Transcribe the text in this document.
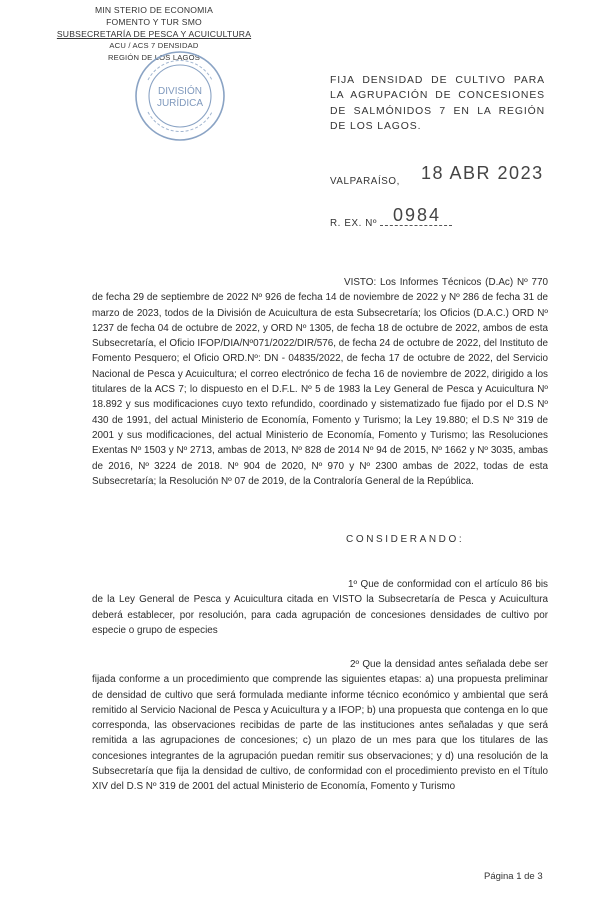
MIN STERIO DE ECONOMIA
FOMENTO Y TUR SMO
SUBSECRETARÍA DE PESCA Y ACUICULTURA
ACU / ACS 7 DENSIDAD
REGIÓN DE LOS LAGOS
DIVISIÓN
JURÍDICA
FIJA DENSIDAD DE CULTIVO PARA LA AGRUPACIÓN DE CONCESIONES DE SALMÓNIDOS 7 EN LA REGIÓN DE LOS LAGOS.
VALPARAÍSO, 18 ABR 2023
R. EX. Nº 0984
VISTO: Los Informes Técnicos (D.Ac) Nº 770 de fecha 29 de septiembre de 2022 Nº 926 de fecha 14 de noviembre de 2022 y Nº 286 de fecha 31 de marzo de 2023, todos de la División de Acuicultura de esta Subsecretaría; los Oficios (D.A.C.) ORD Nº 1237 de fecha 04 de octubre de 2022, y ORD Nº 1305, de fecha 18 de octubre de 2022, ambos de esta Subsecretaría, el Oficio IFOP/DIA/Nº071/2022/DIR/576, de fecha 24 de octubre de 2022, del Instituto de Fomento Pesquero; el Oficio ORD.Nº: DN - 04835/2022, de fecha 17 de octubre de 2022, del Servicio Nacional de Pesca y Acuicultura; el correo electrónico de fecha 16 de noviembre de 2022, dirigido a los titulares de la ACS 7; lo dispuesto en el D.F.L. Nº 5 de 1983 la Ley General de Pesca y Acuicultura Nº 18.892 y sus modificaciones cuyo texto refundido, coordinado y sistematizado fue fijado por el D.S Nº 430 de 1991, del actual Ministerio de Economía, Fomento y Turismo; la Ley 19.880; el D.S Nº 319 de 2001 y sus modificaciones, del actual Ministerio de Economía, Fomento y Turismo; las Resoluciones Exentas Nº 1503 y Nº 2713, ambas de 2013, Nº 828 de 2014 Nº 94 de 2015, Nº 1662 y Nº 3035, ambas de 2016, Nº 3224 de 2018. Nº 904 de 2020, Nº 970 y Nº 2300 ambas de 2022, todas de esta Subsecretaría; la Resolución Nº 07 de 2019, de la Contraloría General de la República.
CONSIDERANDO:
1º Que de conformidad con el artículo 86 bis de la Ley General de Pesca y Acuicultura citada en VISTO la Subsecretaría de Pesca y Acuicultura deberá establecer, por resolución, para cada agrupación de concesiones densidades de cultivo por especie o grupo de especies
2º Que la densidad antes señalada debe ser fijada conforme a un procedimiento que comprende las siguientes etapas: a) una propuesta preliminar de densidad de cultivo que será formulada mediante informe técnico económico y ambiental que será remitido al Servicio Nacional de Pesca y Acuicultura y a IFOP; b) una propuesta que contenga en lo que corresponda, las observaciones recibidas de parte de las instituciones antes señaladas y que será remitida a las agrupaciones de concesiones; c) un plazo de un mes para que los titulares de las concesiones integrantes de la agrupación puedan remitir sus observaciones; y d) una resolución de la Subsecretaría que fija la densidad de cultivo, de conformidad con el procedimiento previsto en el Título XIV del D.S Nº 319 de 2001 del actual Ministerio de Economía, Fomento y Turismo
Página 1 de 3
